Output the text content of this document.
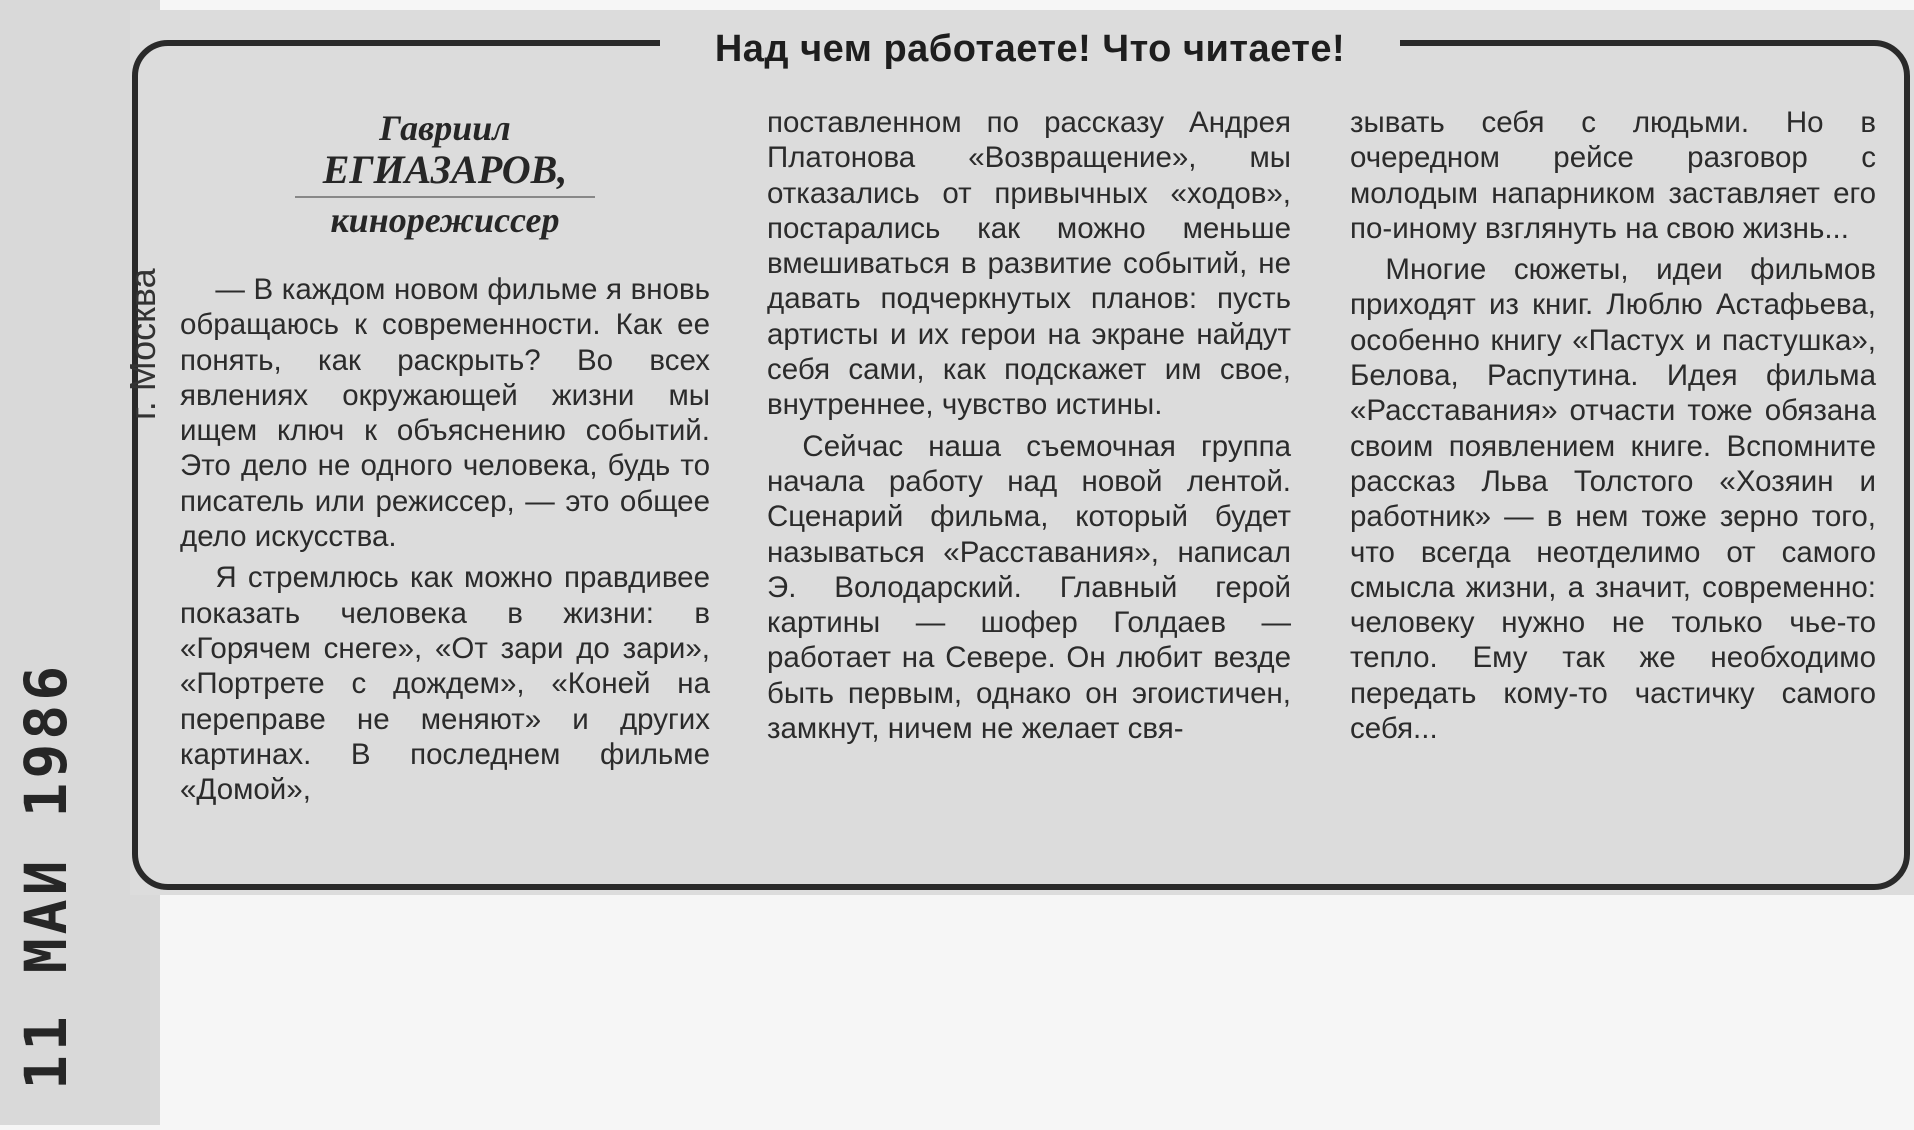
Над чем работаете! Что читаете!
11 МАИ 1986
г. Москва
Гавриил
ЕГИАЗАРОВ,
кинорежиссер

— В каждом новом фильме я вновь обращаюсь к современности. Как ее понять, как раскрыть? Во всех явлениях окружающей жизни мы ищем ключ к объяснению событий. Это дело не одного человека, будь то писатель или режиссер, — это общее дело искусства.

Я стремлюсь как можно правдивее показать человека в жизни: в «Горячем снеге», «От зари до зари», «Портрете с дождем», «Коней на переправе не меняют» и других картинах. В последнем фильме «Домой»,

поставленном по рассказу Андрея Платонова «Возвращение», мы отказались от привычных «ходов», постарались как можно меньше вмешиваться в развитие событий, не давать подчеркнутых планов: пусть артисты и их герои на экране найдут себя сами, как подскажет им свое, внутреннее, чувство истины.

Сейчас наша съемочная группа начала работу над новой лентой. Сценарий фильма, который будет называться «Расставания», написал Э. Володарский. Главный герой картины — шофер Голдаев — работает на Севере. Он любит везде быть первым, однако он эгоистичен, замкнут, ничем не желает свя-

зывать себя с людьми. Но в очередном рейсе разговор с молодым напарником заставляет его по-иному взглянуть на свою жизнь...

Многие сюжеты, идеи фильмов приходят из книг. Люблю Астафьева, особенно книгу «Пастух и пастушка», Белова, Распутина. Идея фильма «Расставания» отчасти тоже обязана своим появлением книге. Вспомните рассказ Льва Толстого «Хозяин и работник» — в нем тоже зерно того, что всегда неотделимо от самого смысла жизни, а значит, современно: человеку нужно не только чье-то тепло. Ему так же необходимо передать кому-то частичку самого себя...
